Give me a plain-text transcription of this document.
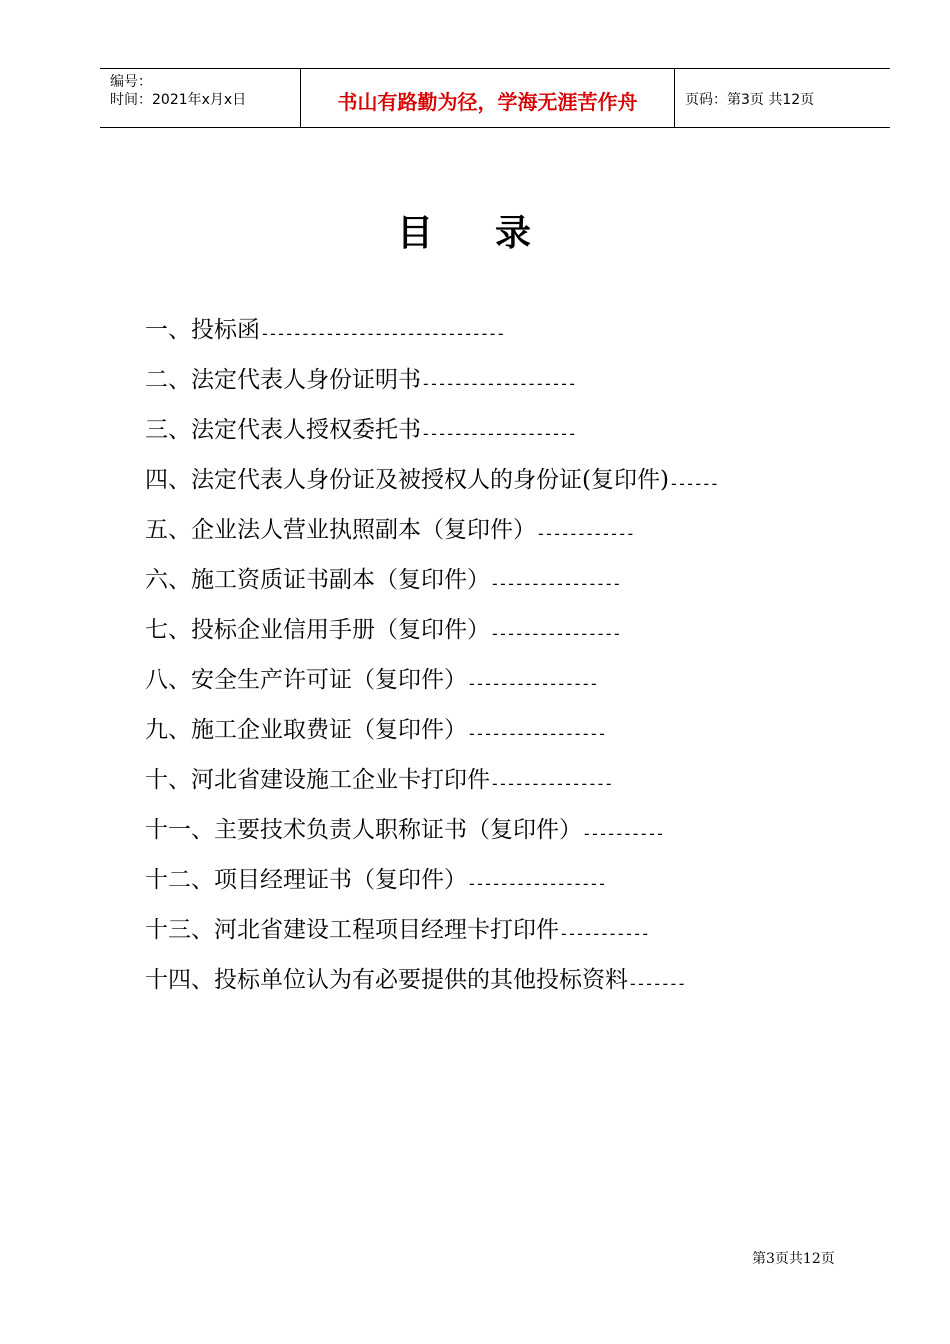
编号：
时间：2021年x月x日	书山有路勤为径，学海无涯苦作舟	页码：第3页 共12页
目录
一、投标函------------------------------
二、法定代表人身份证明书-------------------
三、法定代表人授权委托书-------------------
四、法定代表人身份证及被授权人的身份证(复印件)------
五、企业法人营业执照副本（复印件）------------
六、施工资质证书副本（复印件）----------------
七、投标企业信用手册（复印件）----------------
八、安全生产许可证（复印件）----------------
九、施工企业取费证（复印件）-----------------
十、河北省建设施工企业卡打印件---------------
十一、主要技术负责人职称证书（复印件）----------
十二、项目经理证书（复印件）-----------------
十三、河北省建设工程项目经理卡打印件-----------
十四、投标单位认为有必要提供的其他投标资料-------
第3页共12页
